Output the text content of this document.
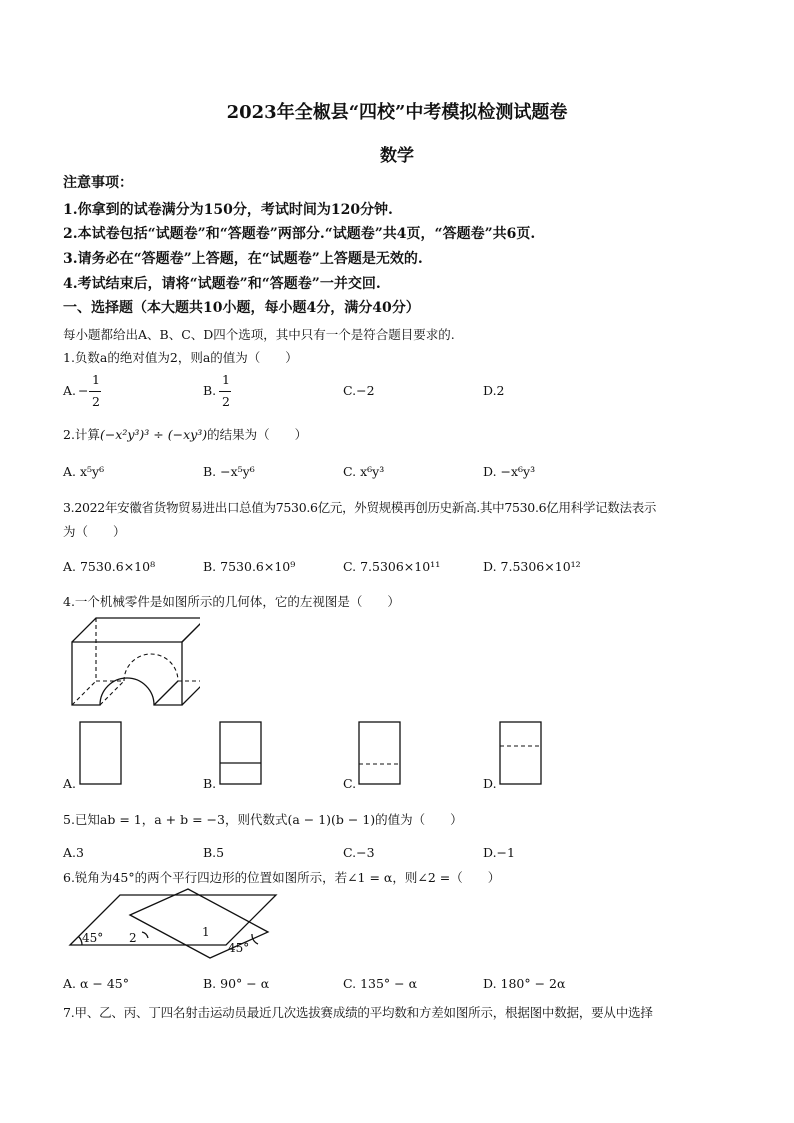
2023年全椒县“四校”中考模拟检测试题卷
数学
注意事项：
1.你拿到的试卷满分为150分，考试时间为120分钟.
2.本试卷包括“试题卷”和“答题卷”两部分.“试题卷”共4页，“答题卷”共6页.
3.请务必在“答题卷”上答题，在“试题卷”上答题是无效的.
4.考试结束后，请将“试题卷”和“答题卷”一并交回.
一、选择题（本大题共10小题，每小题4分，满分40分）
每小题都给出A、B、C、D四个选项，其中只有一个是符合题目要求的.
1.负数a的绝对值为2，则a的值为（　　）
A. −
1
2
B.
1
2
C.−2	D.2
2.计算(−x²y³)³ ÷ (−xy³)的结果为（　　）
A. x⁵y⁶	B. −x⁵y⁶	C. x⁶y³	D. −x⁶y³
3.2022年安徽省货物贸易进出口总值为7530.6亿元，外贸规模再创历史新高.其中7530.6亿用科学记数法表示
为（　　）
A. 7530.6×10⁸	B. 7530.6×10⁹	C. 7.5306×10¹¹	D. 7.5306×10¹²
4.一个机械零件是如图所示的几何体，它的左视图是（　　）
A.	B.	C.	D.
5.已知ab = 1，a + b = −3，则代数式(a − 1)(b − 1)的值为（　　）
A.3	B.5	C.−3	D.−1
6.锐角为45°的两个平行四边形的位置如图所示，若∠1 = α，则∠2 =（　　）
45° 2	1
45°
A. α − 45°	B. 90° − α	C. 135° − α	D. 180° − 2α
7.甲、乙、丙、丁四名射击运动员最近几次选拔赛成绩的平均数和方差如图所示，根据图中数据，要从中选择
